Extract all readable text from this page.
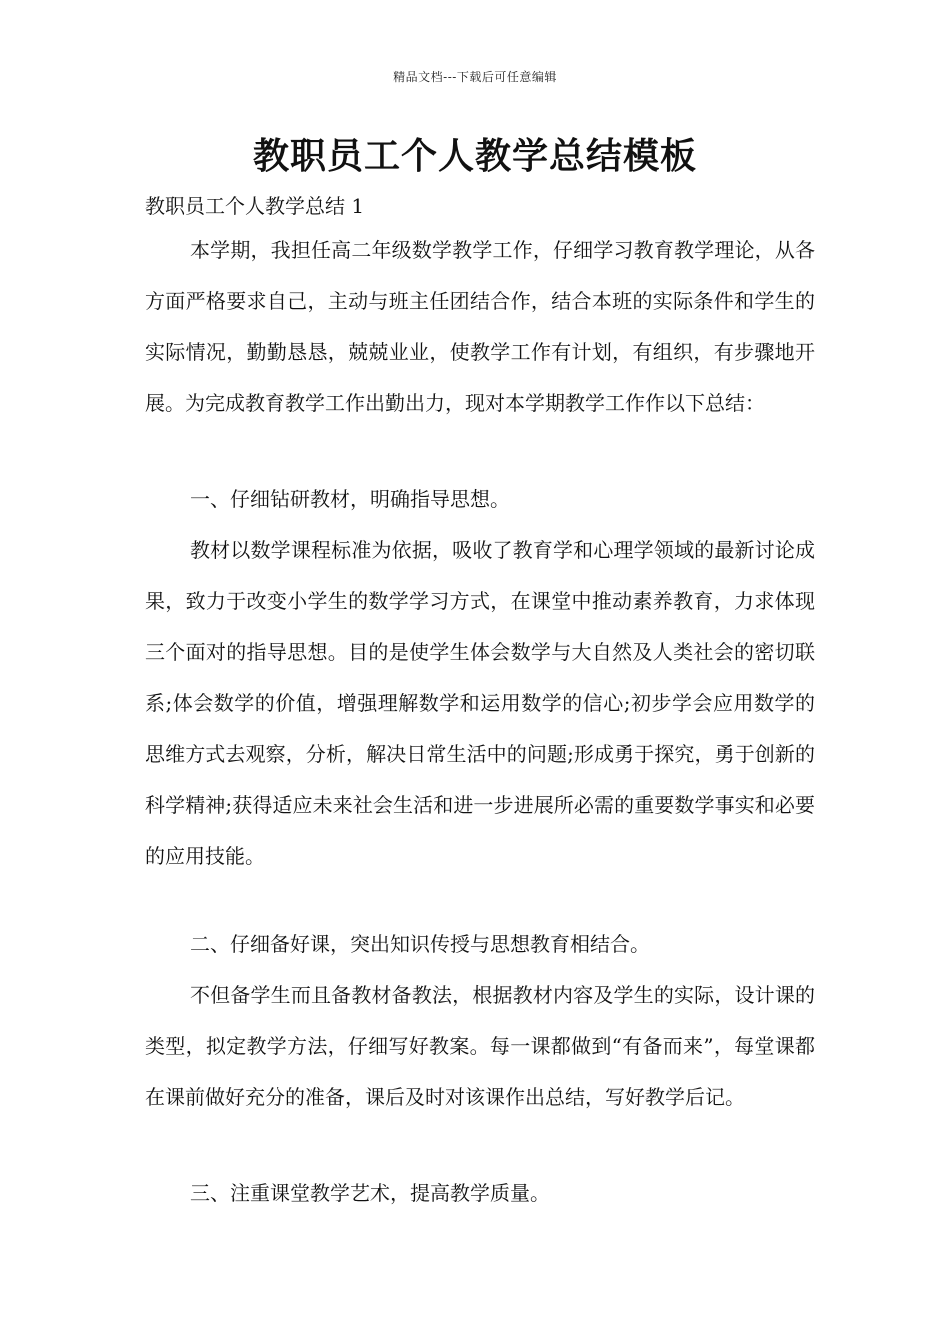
精品文档---下载后可任意编辑
教职员工个人教学总结模板
教职员工个人教学总结 1

本学期，我担任高二年级数学教学工作，仔细学习教育教学理论，从各方面严格要求自己，主动与班主任团结合作，结合本班的实际条件和学生的实际情况，勤勤恳恳，兢兢业业，使教学工作有计划，有组织，有步骤地开展。为完成教育教学工作出勤出力，现对本学期教学工作作以下总结：

一、仔细钻研教材，明确指导思想。

教材以数学课程标准为依据，吸收了教育学和心理学领域的最新讨论成果，致力于改变小学生的数学学习方式，在课堂中推动素养教育，力求体现三个面对的指导思想。目的是使学生体会数学与大自然及人类社会的密切联系;体会数学的价值，增强理解数学和运用数学的信心;初步学会应用数学的思维方式去观察，分析，解决日常生活中的问题;形成勇于探究，勇于创新的科学精神;获得适应未来社会生活和进一步进展所必需的重要数学事实和必要的应用技能。

二、仔细备好课，突出知识传授与思想教育相结合。

不但备学生而且备教材备教法，根据教材内容及学生的实际，设计课的类型，拟定教学方法，仔细写好教案。每一课都做到“有备而来”，每堂课都在课前做好充分的准备，课后及时对该课作出总结，写好教学后记。

三、注重课堂教学艺术，提高教学质量。
